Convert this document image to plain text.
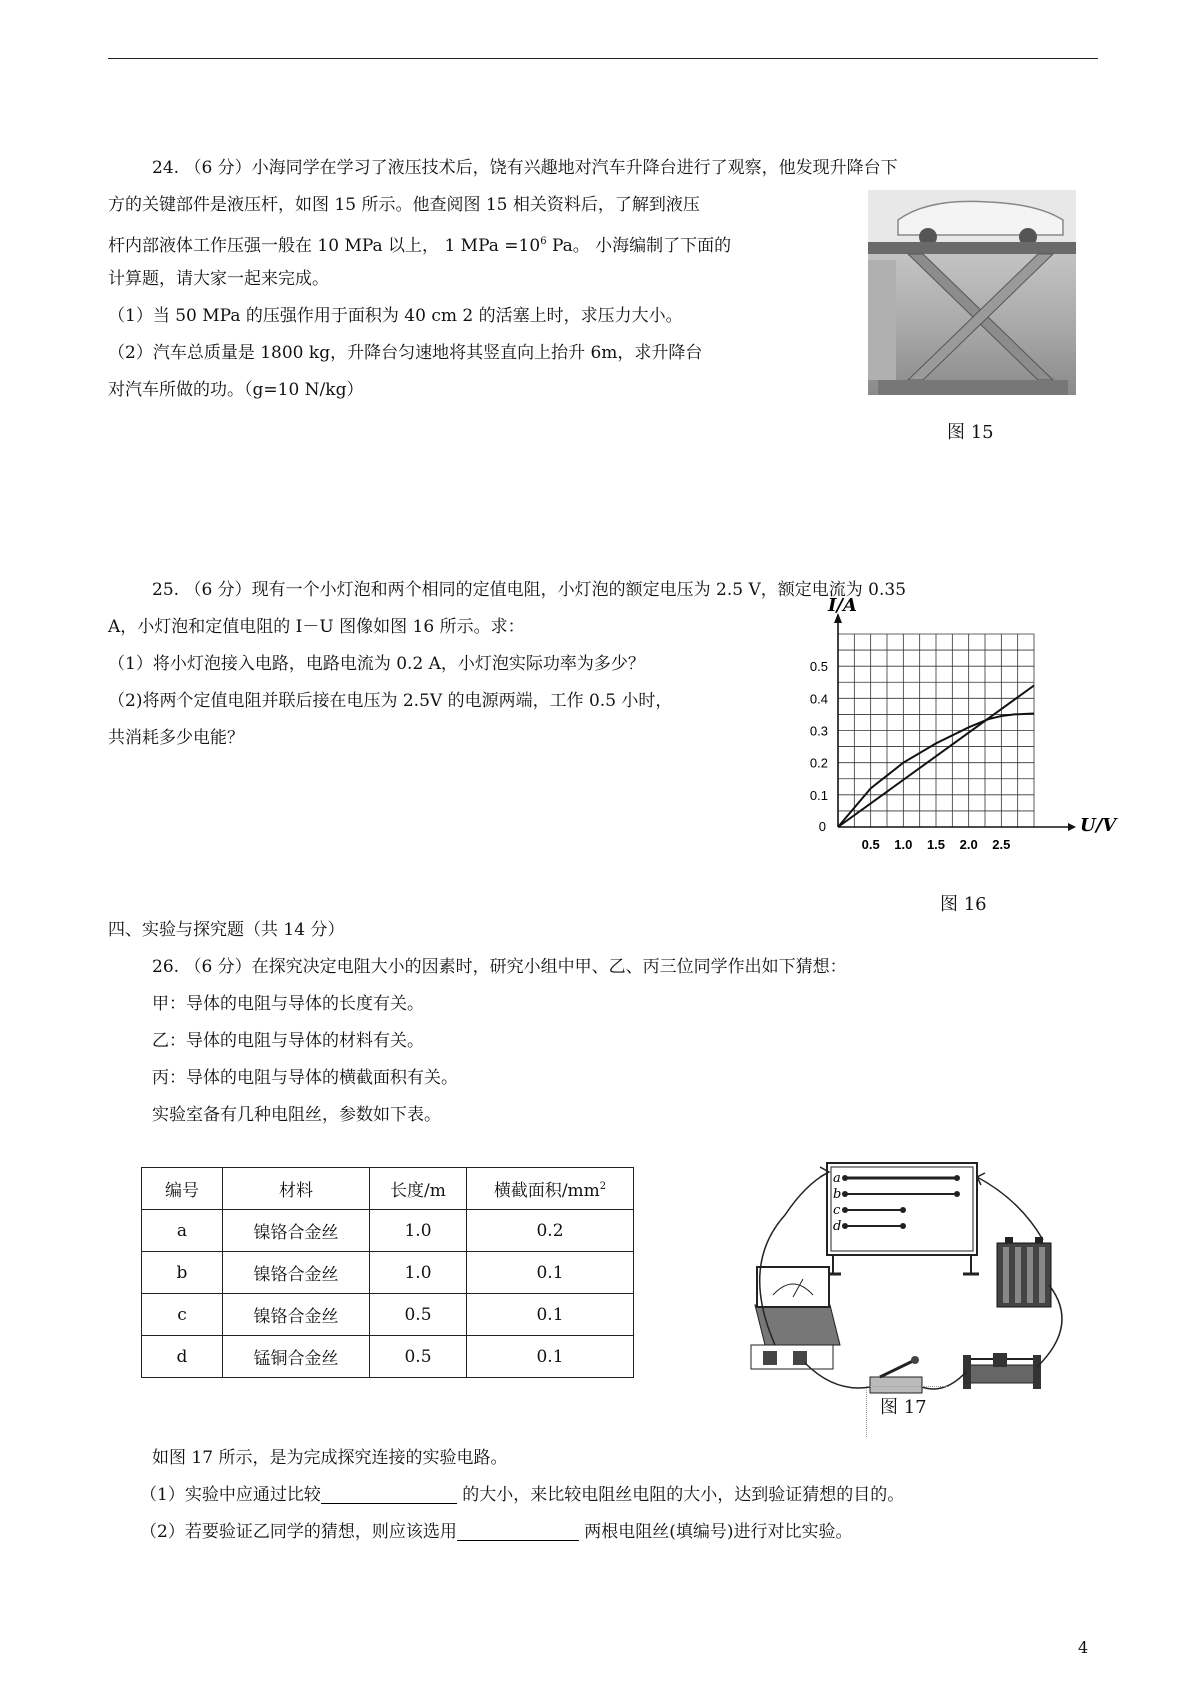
24. （6 分）小海同学在学习了液压技术后，饶有兴趣地对汽车升降台进行了观察，他发现升降台下
方的关键部件是液压杆，如图 15 所示。他查阅图 15 相关资料后，了解到液压
杆内部液体工作压强一般在 10 MPa 以上， 1 MPa $=10^6$ Pa。 小海编制了下面的
计算题，请大家一起来完成。
（1）当 50 MPa 的压强作用于面积为 40 cm 2 的活塞上时，求压力大小。
（2）汽车总质量是 1800 kg，升降台匀速地将其竖直向上抬升 6m，求升降台
对汽车所做的功。（g=10 N/kg）
图 15
25. （6 分）现有一个小灯泡和两个相同的定值电阻，小灯泡的额定电压为 2.5 V，额定电流为 0.35
A，小灯泡和定值电阻的 I－U 图像如图 16 所示。求：
（1）将小灯泡接入电路，电路电流为 0.2 A，小灯泡实际功率为多少？
（2)将两个定值电阻并联后接在电压为 2.5V 的电源两端，工作 0.5 小时，
共消耗多少电能？
0.5 1.0 1.5 2.0 2.5
0.1
0.2
0.3
0.4
0.5
0	U/V
I/A
图 16
四、实验与探究题（共 14 分）
26. （6 分）在探究决定电阻大小的因素时，研究小组中甲、乙、丙三位同学作出如下猜想：
甲：导体的电阻与导体的长度有关。
乙：导体的电阻与导体的材料有关。
丙：导体的电阻与导体的横截面积有关。
实验室备有几种电阻丝，参数如下表。
编号	材料	长度/m	横截面积$/mm^2$
a	镍铬合金丝	1.0	0.2
b	镍铬合金丝	1.0	0.1
c	镍铬合金丝	0.5	0.1
d	锰铜合金丝	0.5	0.1
a
b
c
d
图 17
如图 17 所示，是为完成探究连接的实验电路。
（1）实验中应通过比较	的大小，来比较电阻丝电阻的大小，达到验证猜想的目的。
（2）若要验证乙同学的猜想，则应该选用	两根电阻丝(填编号)进行对比实验。
4
